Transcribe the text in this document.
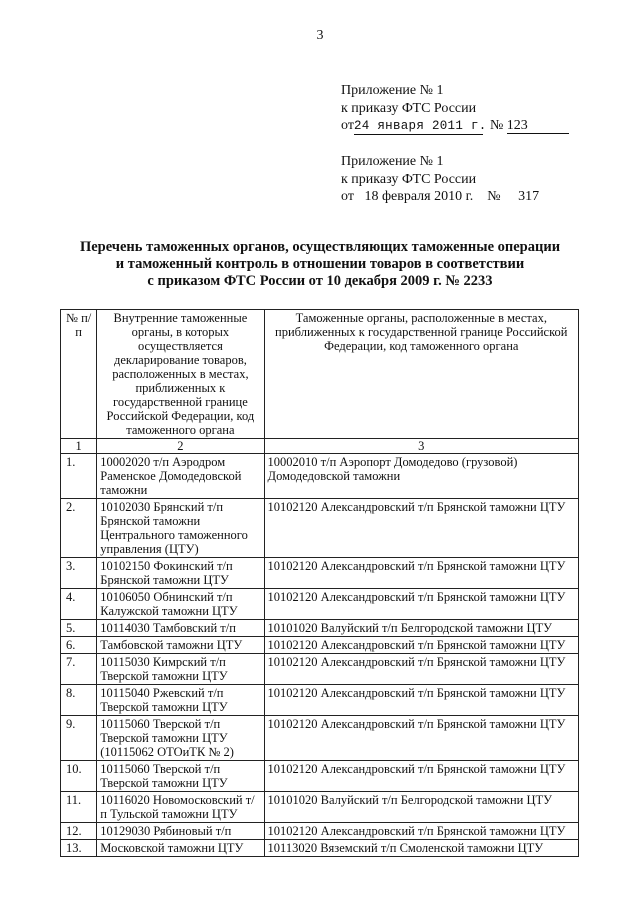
3
Приложение № 1
к приказу ФТС России
от24 января 2011 г. № 123
Приложение № 1
к приказу ФТС России
от 18 февраля 2010 г. № 317
Перечень таможенных органов, осуществляющих таможенные операции
и таможенный контроль в отношении товаров в соответствии
с приказом ФТС России от 10 декабря 2009 г. № 2233
№ п/п	Внутренние таможенные органы, в которых осуществляется декларирование товаров, расположенных в местах, приближенных к государственной границе Российской Федерации, код таможенного органа	Таможенные органы, расположенные в местах, приближенных к государственной границе Российской Федерации, код таможенного органа
1	2	3
1.	10002020 т/п Аэродром Раменское Домодедовской таможни	10002010 т/п Аэропорт Домодедово (грузовой) Домодедовской таможни
2.	10102030 Брянский т/п Брянской таможни Центрального таможенного управления (ЦТУ)	10102120 Александровский т/п Брянской таможни ЦТУ
3.	10102150 Фокинский т/п Брянской таможни ЦТУ	10102120 Александровский т/п Брянской таможни ЦТУ
4.	10106050 Обнинский т/п Калужской таможни ЦТУ	10102120 Александровский т/п Брянской таможни ЦТУ
5.	10114030 Тамбовский т/п	10101020 Валуйский т/п Белгородской таможни ЦТУ
6.	Тамбовской таможни ЦТУ	10102120 Александровский т/п Брянской таможни ЦТУ
7.	10115030 Кимрский т/п Тверской таможни ЦТУ	10102120 Александровский т/п Брянской таможни ЦТУ
8.	10115040 Ржевский т/п Тверской таможни ЦТУ	10102120 Александровский т/п Брянской таможни ЦТУ
9.	10115060 Тверской т/п Тверской таможни ЦТУ (10115062 ОТОиТК № 2)	10102120 Александровский т/п Брянской таможни ЦТУ
10.	10115060 Тверской т/п Тверской таможни ЦТУ	10102120 Александровский т/п Брянской таможни ЦТУ
11.	10116020 Новомосковский т/п Тульской таможни ЦТУ	10101020 Валуйский т/п Белгородской таможни ЦТУ
12.	10129030 Рябиновый т/п	10102120 Александровский т/п Брянской таможни ЦТУ
13.	Московской таможни ЦТУ	10113020 Вяземский т/п Смоленской таможни ЦТУ
